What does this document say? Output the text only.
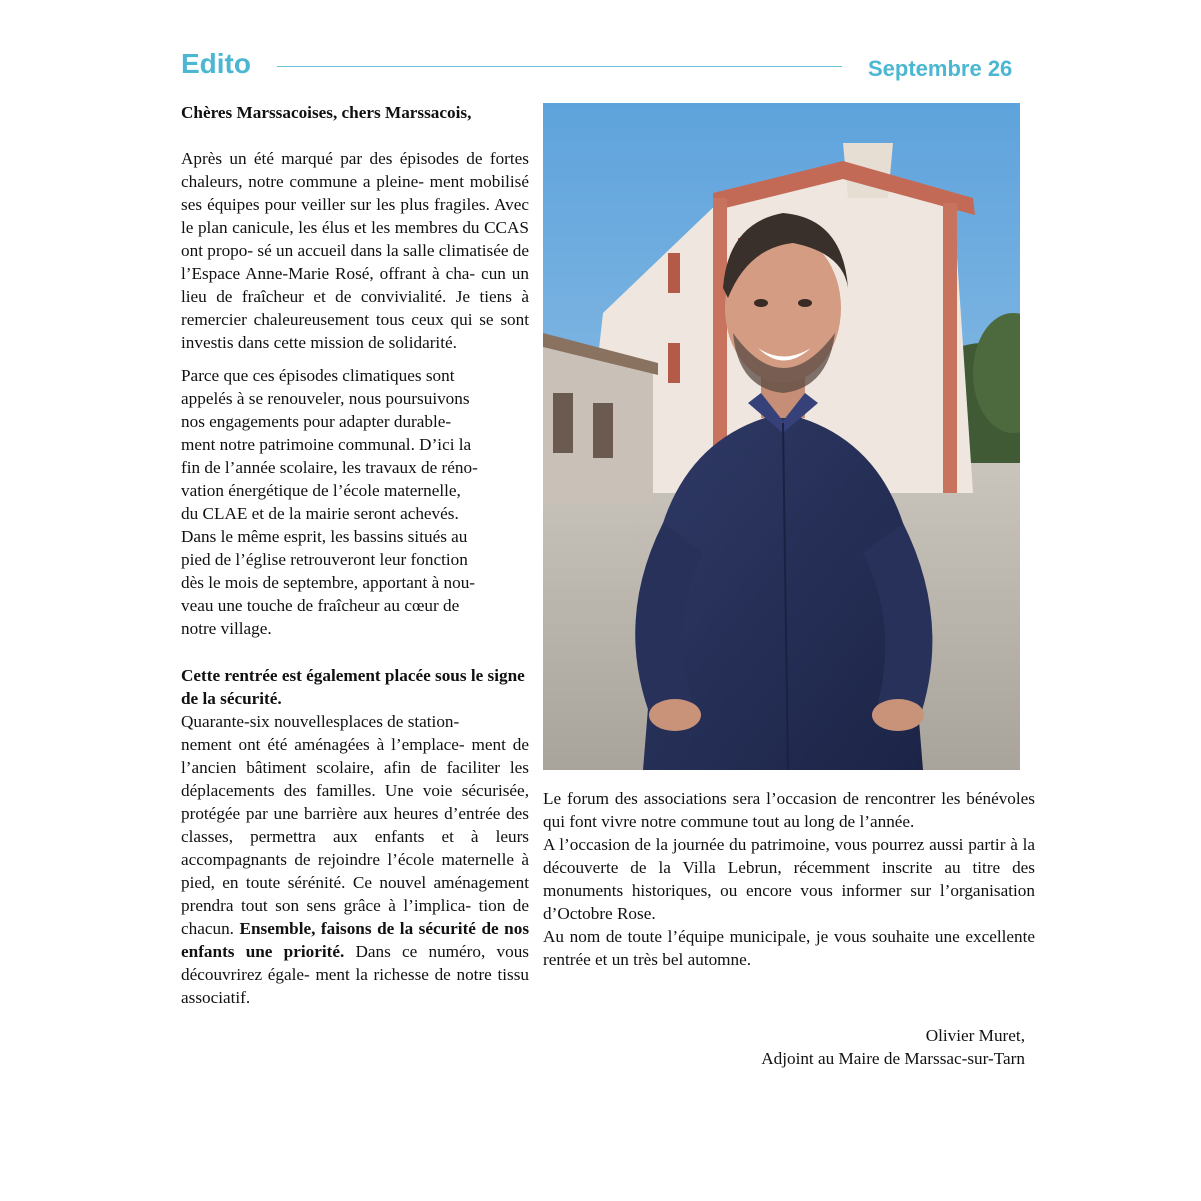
Edito	Septembre 26
Chères Marssacoises, chers Marssacois,

Après un été marqué par des épisodes de fortes chaleurs, notre commune a pleine- ment mobilisé ses équipes pour veiller sur les plus fragiles. Avec le plan canicule, les élus et les membres du CCAS ont propo- sé un accueil dans la salle climatisée de l’Espace Anne-Marie Rosé, offrant à cha- cun un lieu de fraîcheur et de convivialité. Je tiens à remercier chaleureusement tous ceux qui se sont investis dans cette mission de solidarité.

Parce que ces épisodes climatiques sont
appelés à se renouveler, nous poursuivons
nos engagements pour adapter durable-
ment notre patrimoine communal. D’ici la
fin de l’année scolaire, les travaux de réno-
vation énergétique de l’école maternelle,
du CLAE et de la mairie seront achevés.
Dans le même esprit, les bassins situés au
pied de l’église retrouveront leur fonction
dès le mois de septembre, apportant à nou-
veau une touche de fraîcheur au cœur de
notre village.

Cette rentrée est également placée sous le signe de la sécurité.

Quarante-six nouvellesplaces de station-

nement ont été aménagées à l’emplace- ment de l’ancien bâtiment scolaire, afin de faciliter les déplacements des familles. Une voie sécurisée, protégée par une barrière aux heures d’entrée des classes, permettra aux enfants et à leurs accompagnants de rejoindre l’école maternelle à pied, en toute sérénité. Ce nouvel aménagement prendra tout son sens grâce à l’implica- tion de chacun. Ensemble, faisons de la sécurité de nos enfants une priorité. Dans ce numéro, vous découvrirez égale- ment la richesse de notre tissu associatif.

Le forum des associations sera l’occasion de rencontrer les bénévoles qui font vivre notre commune tout au long de l’année.

A l’occasion de la journée du patrimoine, vous pourrez aussi partir à la découverte de la Villa Lebrun, récemment inscrite au titre des monuments historiques, ou encore vous informer sur l’organisation d’Octobre Rose.

Au nom de toute l’équipe municipale, je vous souhaite une excellente rentrée et un très bel automne.

Olivier Muret,
Adjoint au Maire de Marssac-sur-Tarn
